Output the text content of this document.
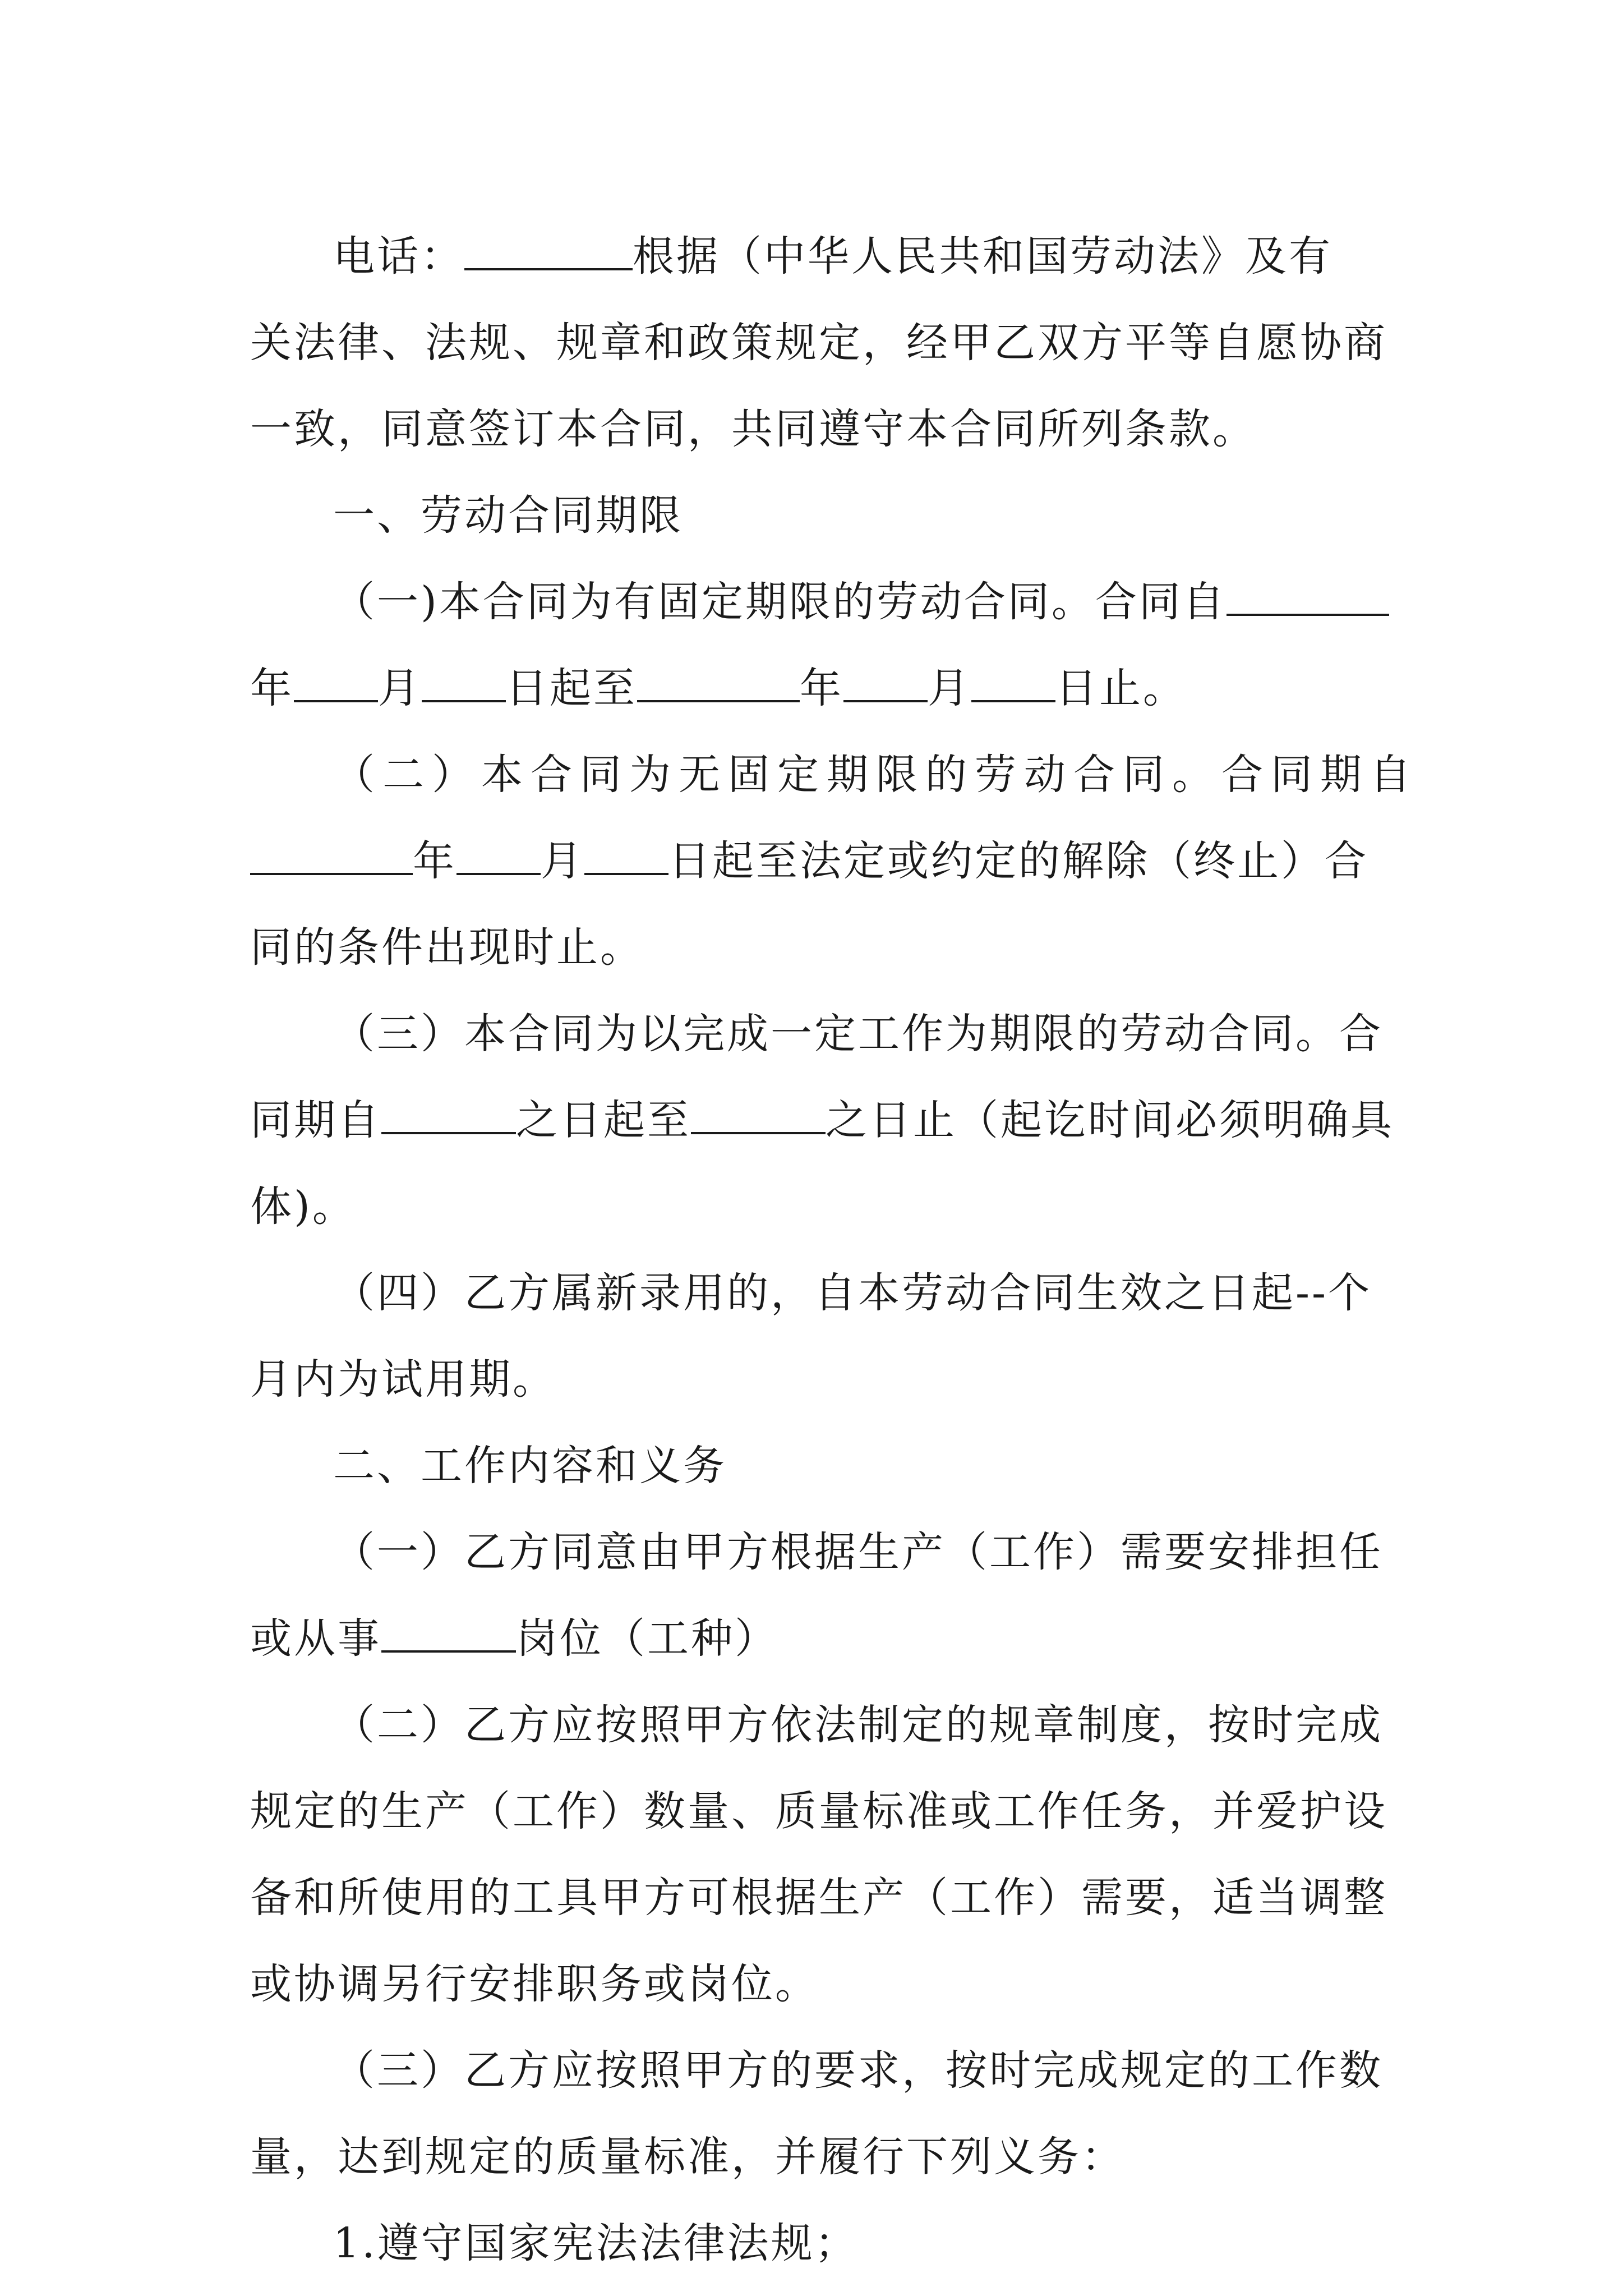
电话：	根据（中华人民共和国劳动法》及有
关法律、法规、规章和政策规定，经甲乙双方平等自愿协商
一致，同意签订本合同，共同遵守本合同所列条款。
一、劳动合同期限
（一)本合同为有固定期限的劳动合同。合同自
年 月 日起至	年 月 日止。
（二）本合同为无固定期限的劳动合同。合同期自
年 月 日起至法定或约定的解除（终止）合
同的条件出现时止。
（三）本合同为以完成一定工作为期限的劳动合同。合
同期自	之日起至	之日止（起讫时间必须明确具
体)。
（四）乙方属新录用的，自本劳动合同生效之日起--个
月内为试用期。
二、工作内容和义务
（一）乙方同意由甲方根据生产（工作）需要安排担任
或从事	岗位（工种）
（二）乙方应按照甲方依法制定的规章制度，按时完成
规定的生产（工作）数量、质量标准或工作任务，并爱护设
备和所使用的工具甲方可根据生产（工作）需要，适当调整
或协调另行安排职务或岗位。
（三）乙方应按照甲方的要求，按时完成规定的工作数
量，达到规定的质量标准，并履行下列义务：
1.遵守国家宪法法律法规；
